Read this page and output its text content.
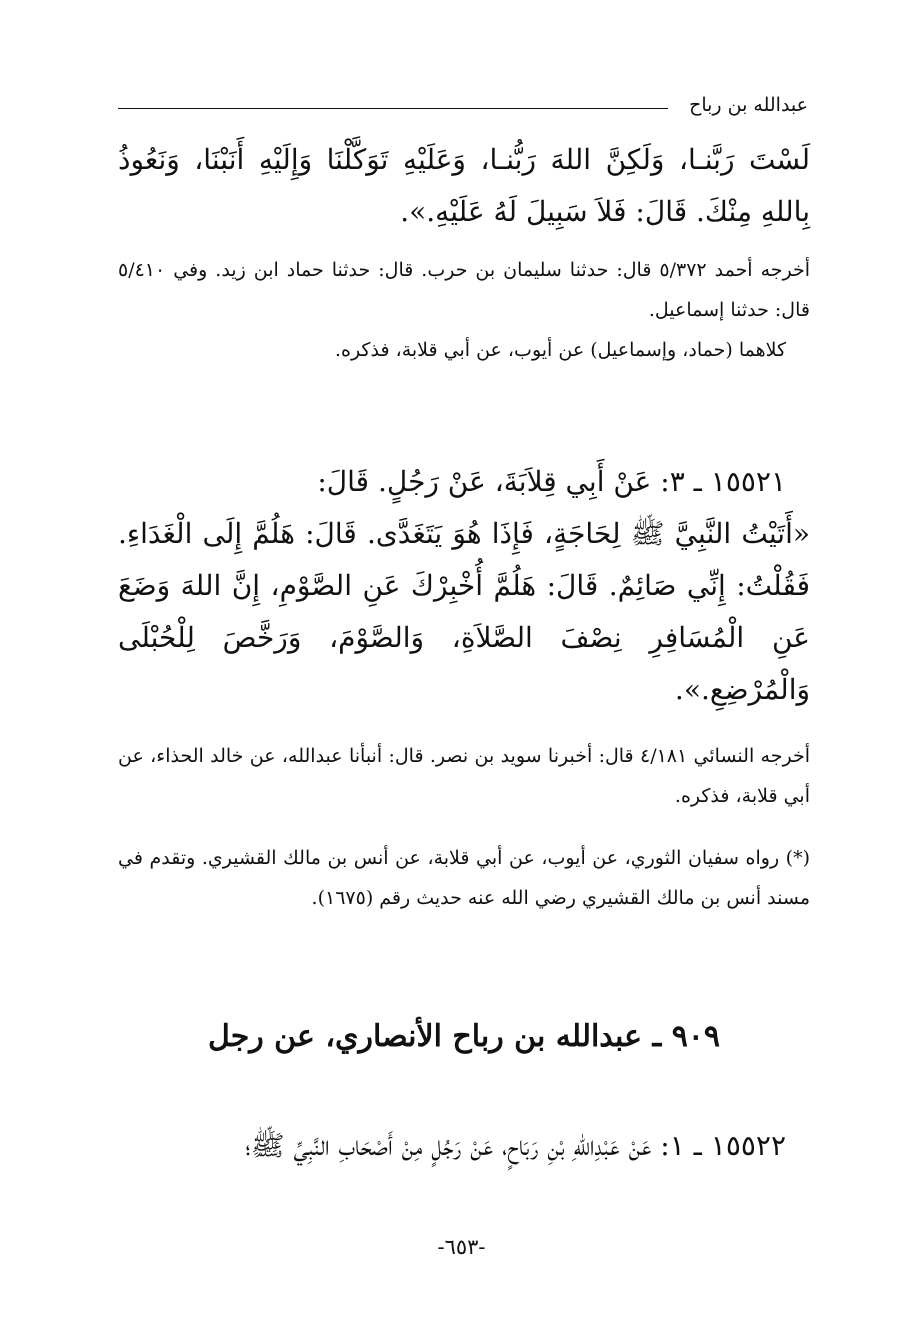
عبدالله بن رباح

لَسْتَ رَبَّنـا، وَلَكِنَّ اللهَ رَبُّنـا، وَعَلَيْهِ تَوَكَّلْنَا وَإِلَيْهِ أَنَبْنَا، وَنَعُوذُ بِاللهِ مِنْكَ. قَالَ: فَلاَ سَبِيلَ لَهُ عَلَيْهِ.».

أخرجه أحمد ٥/٣٧٢ قال: حدثنا سليمان بن حرب. قال: حدثنا حماد ابن زيد. وفي ٥/٤١٠ قال: حدثنا إسماعيل.

كلاهما (حماد، وإسماعيل) عن أيوب، عن أبي قلابة، فذكره.

١٥٥٢١ ـ ٣: عَنْ أَبِي قِلاَبَةَ، عَنْ رَجُلٍ. قَالَ:

«أَتَيْتُ النَّبِيَّ ﷺ لِحَاجَةٍ، فَإِذَا هُوَ يَتَغَدَّى. قَالَ: هَلُمَّ إِلَى الْغَدَاءِ. فَقُلْتُ: إِنِّي صَائِمٌ. قَالَ: هَلُمَّ أُخْبِرْكَ عَنِ الصَّوْمِ، إِنَّ اللهَ وَضَعَ عَنِ الْمُسَافِرِ نِصْفَ الصَّلاَةِ، وَالصَّوْمَ، وَرَخَّصَ لِلْحُبْلَى وَالْمُرْضِعِ.».

أخرجه النسائي ٤/١٨١ قال: أخبرنا سويد بن نصر. قال: أنبأنا عبدالله، عن خالد الحذاء، عن أبي قلابة، فذكره.

(*) رواه سفيان الثوري، عن أيوب، عن أبي قلابة، عن أنس بن مالك القشيري. وتقدم في مسند أنس بن مالك القشيري رضي الله عنه حديث رقم (١٦٧٥).

٩٠٩ ـ عبدالله بن رباح الأنصاري، عن رجل

١٥٥٢٢ ـ ١: عَنْ عَبْدِاللهِ بْنِ رَبَاحٍ، عَنْ رَجُلٍ مِنْ أَصْحَابِ النَّبِيِّ ﷺ؛

-٦٥٣-
